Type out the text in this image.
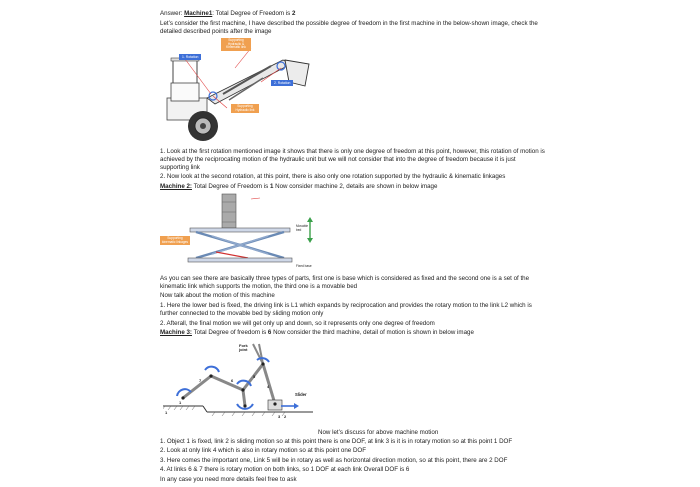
Answer: Machine1: Total Degree of Freedom is 2
Let’s consider the first machine, I have described the possible degree of freedom in the first machine in the below-shown image, check the detailed described points after the image
Supporting Hydraulic & Kinematic link
1. Rotation
2. Rotation
Supporting Hydraulic link
1. Look at the first rotation mentioned image it shows that there is only one degree of freedom at this point, however, this rotation of motion is achieved by the reciprocating motion of the hydraulic unit but we will not consider that into the degree of freedom because it is just supporting link
2. Now look at the second rotation, at this point, there is also only one rotation supported by the hydraulic & kinematic linkages
Machine 2: Total Degree of Freedom is 1 Now consider machine 2, details are shown in below image
Supporting kinematic linkages
Movable bed
Fixed base
As you can see there are basically three types of parts, first one is base which is considered as fixed and the second one is a set of the kinematic link which supports the motion, the third one is a movable bed
Now talk about the motion of this machine
1. Here the lower bed is fixed, the driving link is L1 which expands by reciprocation and provides the rotary motion to the link L2 which is further connected to the movable bed by sliding motion only
2. Afterall, the final motion we will get only up and down, so it represents only one degree of freedom
Machine 3: Total Degree of freedom is 6 Now consider the third machine, detail of motion is shown in below image
Fork joint
Slider
1
2
3
4
5
6
7
1
Now let’s discuss for above machine motion
1. Object 1 is fixed, link 2 is sliding motion so at this point there is one DOF, at link 3 is it is in rotary motion so at this point 1 DOF
2. Look at only link 4 which is also in rotary motion so at this point one DOF
3. Here comes the important one, Link 5 will be in rotary as well as horizontal direction motion, so at this point, there are 2 DOF
4. At links 6 & 7 there is rotary motion on both links, so 1 DOF at each link Overall DOF is 6
In any case you need more details feel free to ask
